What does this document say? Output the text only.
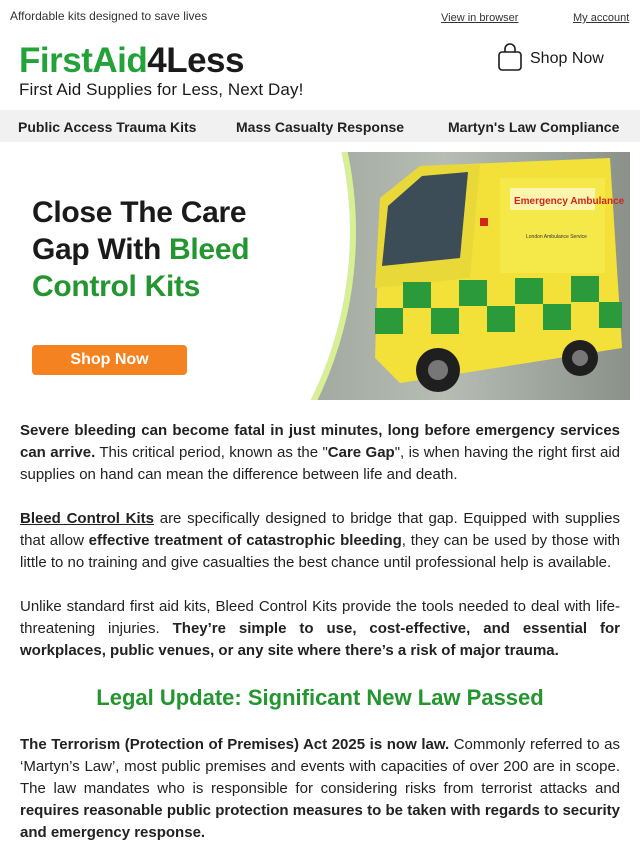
Affordable kits designed to save lives	View in browser	My account
FirstAid4Less
First Aid Supplies for Less, Next Day!
Shop Now
Public Access Trauma Kits	Mass Casualty Response	Martyn's Law Compliance
Emergency Ambulance
London Ambulance Service
Close The Care
Gap With Bleed
Control Kits
Shop Now

Severe bleeding can become fatal in just minutes, long before emergency services can arrive. This critical period, known as the "Care Gap", is when having the right first aid supplies on hand can mean the difference between life and death.

Bleed Control Kits are specifically designed to bridge that gap. Equipped with supplies that allow effective treatment of catastrophic bleeding, they can be used by those with little to no training and give casualties the best chance until professional help is available.

Unlike standard first aid kits, Bleed Control Kits provide the tools needed to deal with life-threatening injuries. They’re simple to use, cost-effective, and essential for workplaces, public venues, or any site where there’s a risk of major trauma.

Legal Update: Significant New Law Passed

The Terrorism (Protection of Premises) Act 2025 is now law. Commonly referred to as ‘Martyn’s Law’, most public premises and events with capacities of over 200 are in scope. The law mandates who is responsible for considering risks from terrorist attacks and requires reasonable public protection measures to be taken with regards to security and emergency response.
